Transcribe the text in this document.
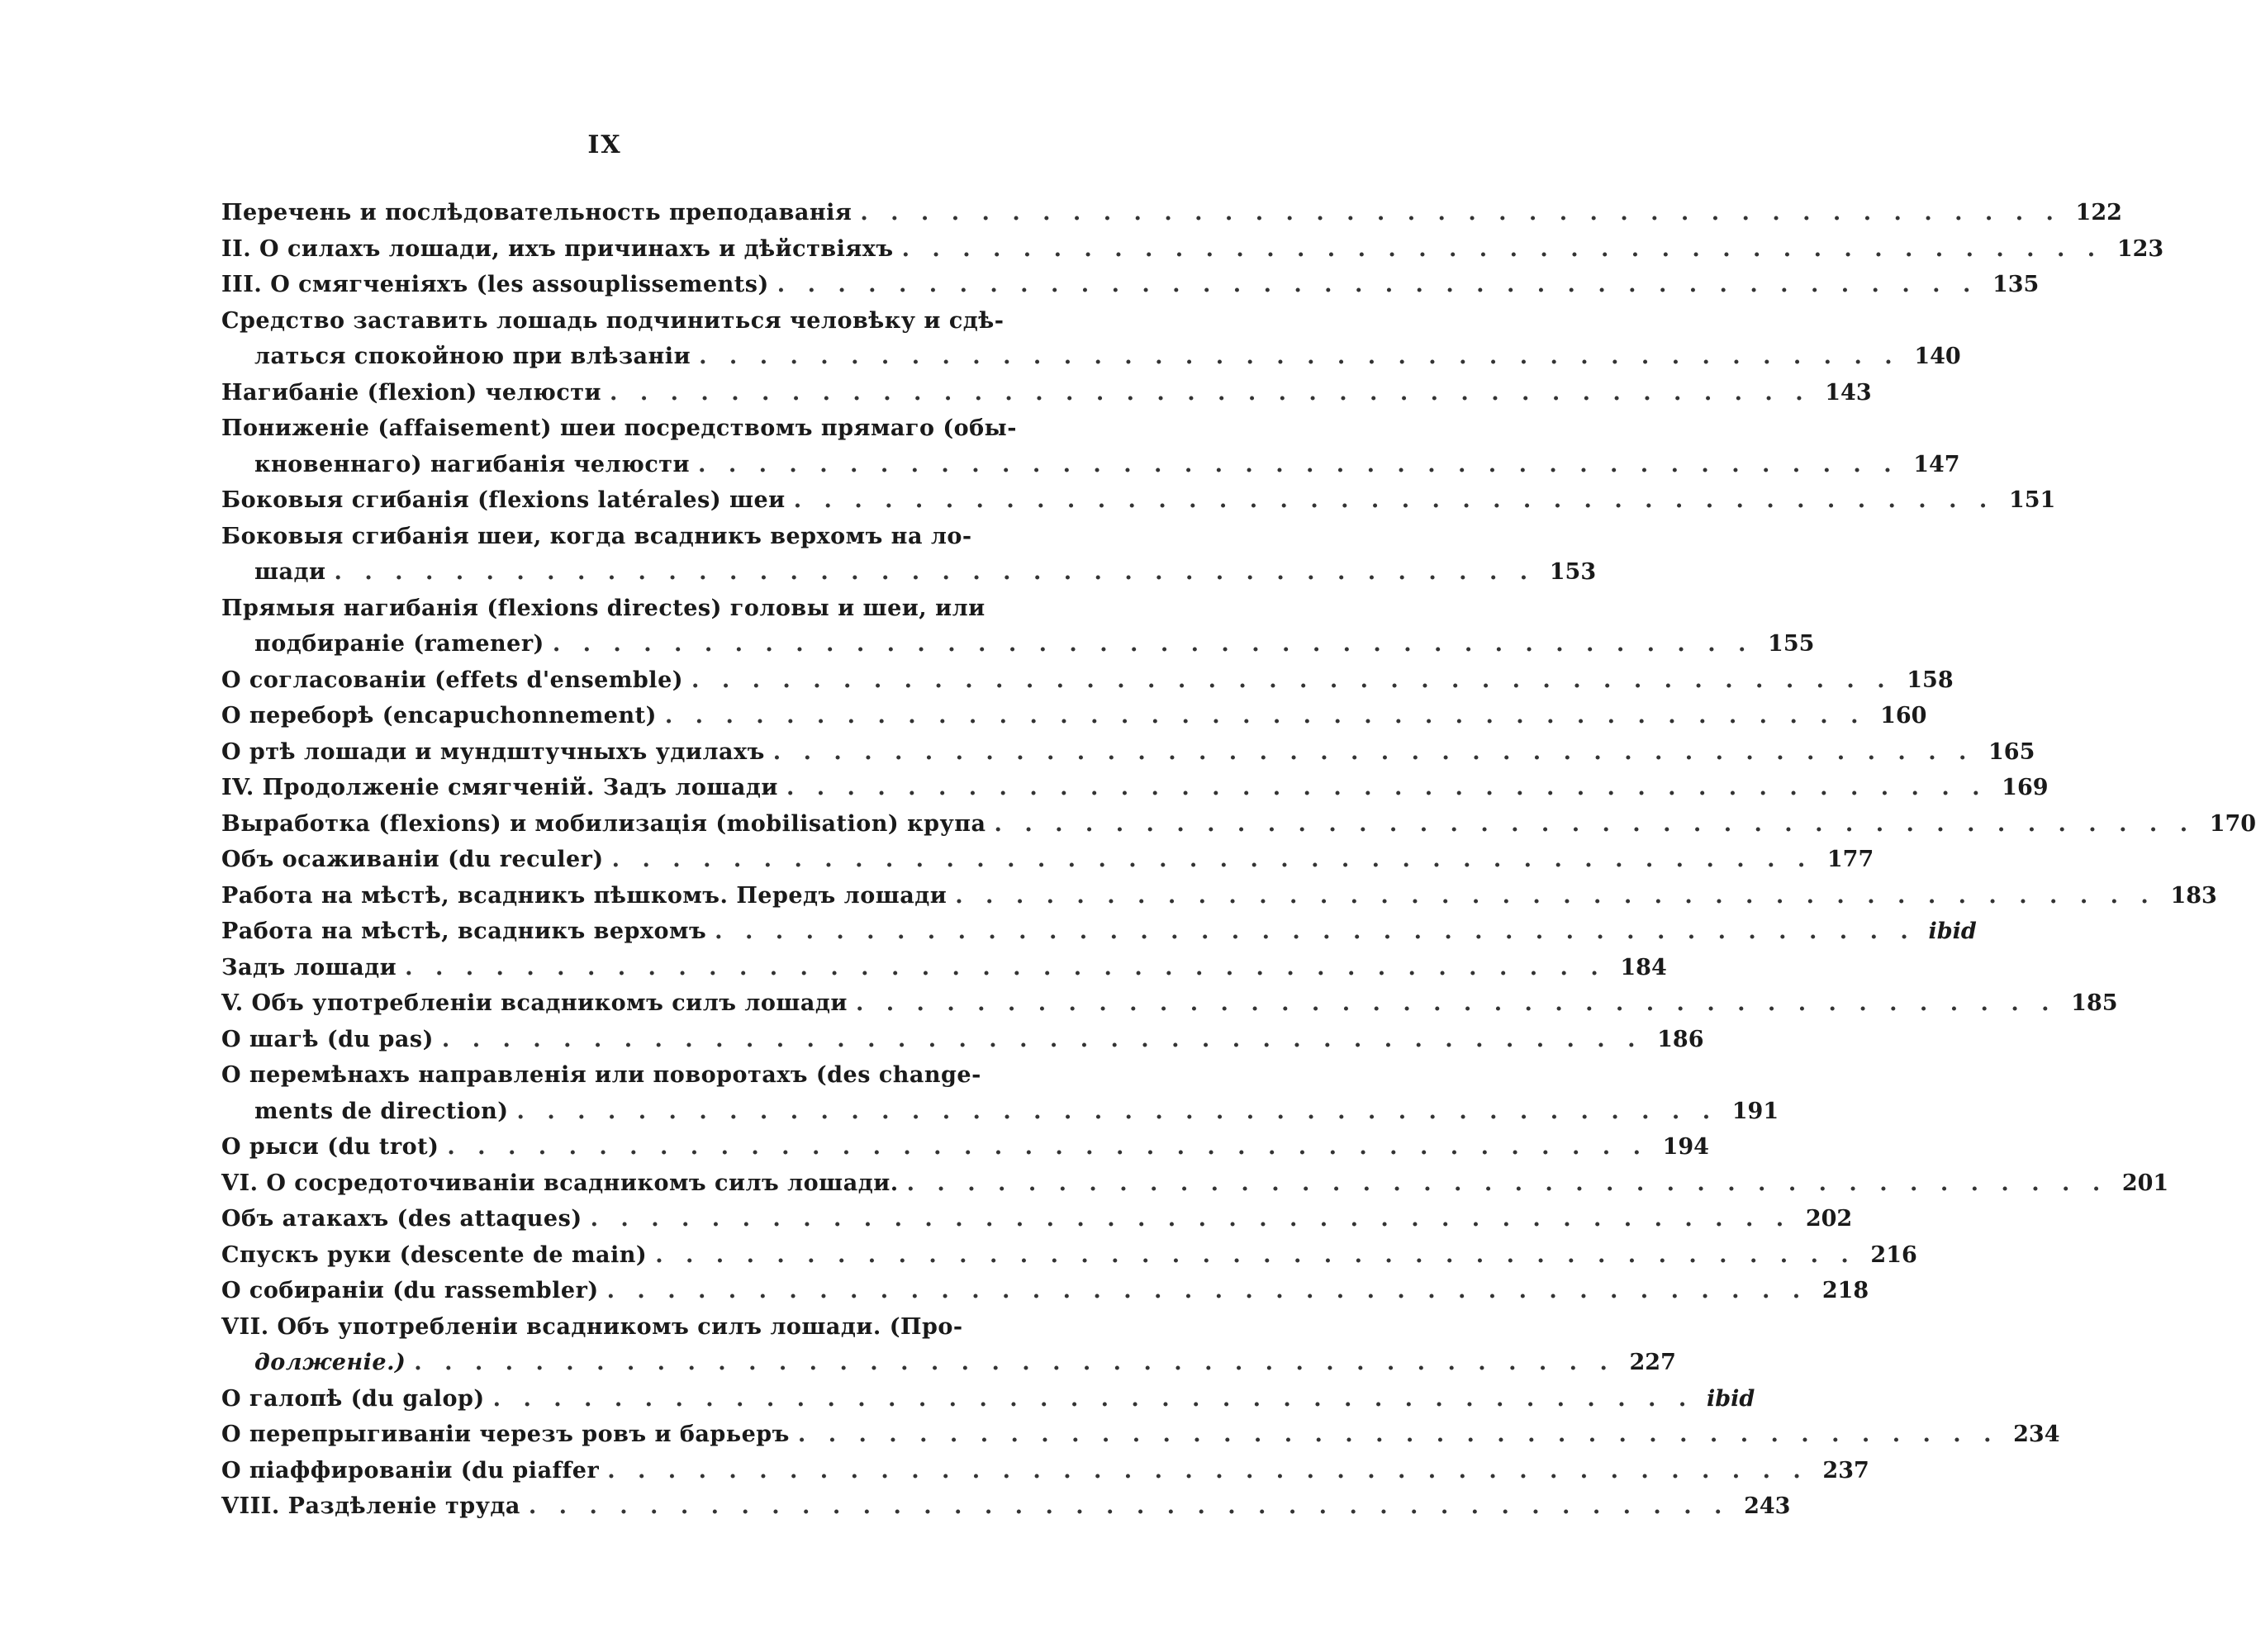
IX
Перечень и послѣдовательность преподаванія . . . . . . . . . . . . . . . . . . . . . . . . . . . . . . . . . . . . . . . . 122
II. О силахъ лошади, ихъ причинахъ и дѣйствіяхъ . . . . . . . . . . . . . . . . . . . . . . . . . . . . . . . . . . . . . . . . 123
III. О смягченіяхъ (les assouplissements) . . . . . . . . . . . . . . . . . . . . . . . . . . . . . . . . . . . . . . . . 135
Средство заставить лошадь подчиниться человѣку и сдѣ-
латься спокойною при влѣзаніи . . . . . . . . . . . . . . . . . . . . . . . . . . . . . . . . . . . . . . . . 140
Нагибаніе (flexion) челюсти . . . . . . . . . . . . . . . . . . . . . . . . . . . . . . . . . . . . . . . . 143
Пониженіе (affaisement) шеи посредствомъ прямаго (обы-
кновеннаго) нагибанія челюсти . . . . . . . . . . . . . . . . . . . . . . . . . . . . . . . . . . . . . . . . 147
Боковыя сгибанія (flexions latérales) шеи . . . . . . . . . . . . . . . . . . . . . . . . . . . . . . . . . . . . . . . . 151
Боковыя сгибанія шеи, когда всадникъ верхомъ на ло-
шади . . . . . . . . . . . . . . . . . . . . . . . . . . . . . . . . . . . . . . . . 153
Прямыя нагибанія (flexions directes) головы и шеи, или
подбираніе (ramener) . . . . . . . . . . . . . . . . . . . . . . . . . . . . . . . . . . . . . . . . 155
О согласованіи (effets d'ensemble) . . . . . . . . . . . . . . . . . . . . . . . . . . . . . . . . . . . . . . . . 158
О переборѣ (encapuchonnement) . . . . . . . . . . . . . . . . . . . . . . . . . . . . . . . . . . . . . . . . 160
О ртѣ лошади и мундштучныхъ удилахъ . . . . . . . . . . . . . . . . . . . . . . . . . . . . . . . . . . . . . . . . 165
IV. Продолженіе смягченій. Задъ лошади . . . . . . . . . . . . . . . . . . . . . . . . . . . . . . . . . . . . . . . . 169
Выработка (flexions) и мобилизація (mobilisation) крупа . . . . . . . . . . . . . . . . . . . . . . . . . . . . . . . . . . . . . . . . 170
Объ осаживаніи (du reculer) . . . . . . . . . . . . . . . . . . . . . . . . . . . . . . . . . . . . . . . . 177
Работа на мѣстѣ, всадникъ пѣшкомъ. Передъ лошади . . . . . . . . . . . . . . . . . . . . . . . . . . . . . . . . . . . . . . . . 183
Работа на мѣстѣ, всадникъ верхомъ . . . . . . . . . . . . . . . . . . . . . . . . . . . . . . . . . . . . . . . . ibid
Задъ лошади . . . . . . . . . . . . . . . . . . . . . . . . . . . . . . . . . . . . . . . . 184
V. Объ употребленіи всадникомъ силъ лошади . . . . . . . . . . . . . . . . . . . . . . . . . . . . . . . . . . . . . . . . 185
О шагѣ (du pas) . . . . . . . . . . . . . . . . . . . . . . . . . . . . . . . . . . . . . . . . 186
О перемѣнахъ направленія или поворотахъ (des change-
ments de direction) . . . . . . . . . . . . . . . . . . . . . . . . . . . . . . . . . . . . . . . . 191
О рыси (du trot) . . . . . . . . . . . . . . . . . . . . . . . . . . . . . . . . . . . . . . . . 194
VI. О сосредоточиваніи всадникомъ силъ лошади. . . . . . . . . . . . . . . . . . . . . . . . . . . . . . . . . . . . . . . . . 201
Объ атакахъ (des attaques) . . . . . . . . . . . . . . . . . . . . . . . . . . . . . . . . . . . . . . . . 202
Спускъ руки (descente de main) . . . . . . . . . . . . . . . . . . . . . . . . . . . . . . . . . . . . . . . . 216
О собираніи (du rassembler) . . . . . . . . . . . . . . . . . . . . . . . . . . . . . . . . . . . . . . . . 218
VII. Объ употребленіи всадникомъ силъ лошади. (Про-
долженіе.) . . . . . . . . . . . . . . . . . . . . . . . . . . . . . . . . . . . . . . . . 227
О галопѣ (du galop) . . . . . . . . . . . . . . . . . . . . . . . . . . . . . . . . . . . . . . . . ibid
О перепрыгиваніи черезъ ровъ и барьеръ . . . . . . . . . . . . . . . . . . . . . . . . . . . . . . . . . . . . . . . . 234
О піаффированіи (du piaffer . . . . . . . . . . . . . . . . . . . . . . . . . . . . . . . . . . . . . . . . 237
VIII. Раздѣленіе труда . . . . . . . . . . . . . . . . . . . . . . . . . . . . . . . . . . . . . . . . 243
